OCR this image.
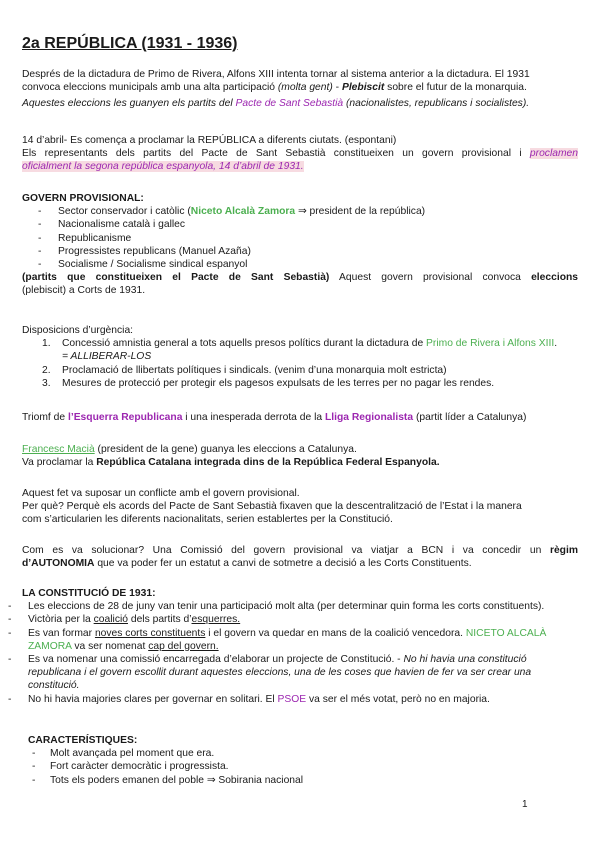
2a REPÚBLICA (1931 - 1936)
Després de la dictadura de Primo de Rivera, Alfons XIII intenta tornar al sistema anterior a la dictadura. El 1931
convoca eleccions municipals amb una alta participació (molta gent) - Plebiscit sobre el futur de la monarquia.
Aquestes eleccions les guanyen els partits del Pacte de Sant Sebastià (nacionalistes, republicans i socialistes).
14 d’abril- Es comença a proclamar la REPÚBLICA a diferents ciutats. (espontani)
Els representants dels partits del Pacte de Sant Sebastià constitueixen un govern provisional i proclamen
oficialment la segona república espanyola, 14 d’abril de 1931.
GOVERN PROVISIONAL:
- Sector conservador i catòlic (Niceto Alcalà Zamora ⇒ president de la república)
- Nacionalisme català i gallec
- Republicanisme
- Progressistes republicans (Manuel Azaña)
- Socialisme / Socialisme sindical espanyol
(partits que constitueixen el Pacte de Sant Sebastià) Aquest govern provisional convoca eleccions
(plebiscit) a Corts de 1931.
Disposicions d’urgència:
1. Concessió amnistia general a tots aquells presos polítics durant la dictadura de Primo de Rivera i Alfons XIII.
= ALLIBERAR-LOS
2. Proclamació de llibertats polítiques i sindicals. (venim d’una monarquia molt estricta)
3. Mesures de protecció per protegir els pagesos expulsats de les terres per no pagar les rendes.
Triomf de l’Esquerra Republicana i una inesperada derrota de la Lliga Regionalista (partit líder a Catalunya)
Francesc Macià (president de la gene) guanya les eleccions a Catalunya.
Va proclamar la República Catalana integrada dins de la República Federal Espanyola.
Aquest fet va suposar un conflicte amb el govern provisional.
Per què? Perquè els acords del Pacte de Sant Sebastià fixaven que la descentralització de l’Estat i la manera
com s’articularien les diferents nacionalitats, serien establertes per la Constitució.
Com es va solucionar? Una Comissió del govern provisional va viatjar a BCN i va concedir un règim
d’AUTONOMIA que va poder fer un estatut a canvi de sotmetre a decisió a les Corts Constituents.
LA CONSTITUCIÓ DE 1931:
- Les eleccions de 28 de juny van tenir una participació molt alta (per determinar quin forma les corts constituents).
- Victòria per la coalició dels partits d’esquerres.
- Es van formar noves corts constituents i el govern va quedar en mans de la coalició vencedora. NICETO ALCALÀ
ZAMORA va ser nomenat cap del govern.
- Es va nomenar una comissió encarregada d’elaborar un projecte de Constitució. - No hi havia una constitució
republicana i el govern escollit durant aquestes eleccions, una de les coses que havien de fer va ser crear una
constitució.
- No hi havia majories clares per governar en solitari. El PSOE va ser el més votat, però no en majoria.
CARACTERÍSTIQUES:
- Molt avançada pel moment que era.
- Fort caràcter democràtic i progressista.
- Tots els poders emanen del poble ⇒ Sobirania nacional
1
